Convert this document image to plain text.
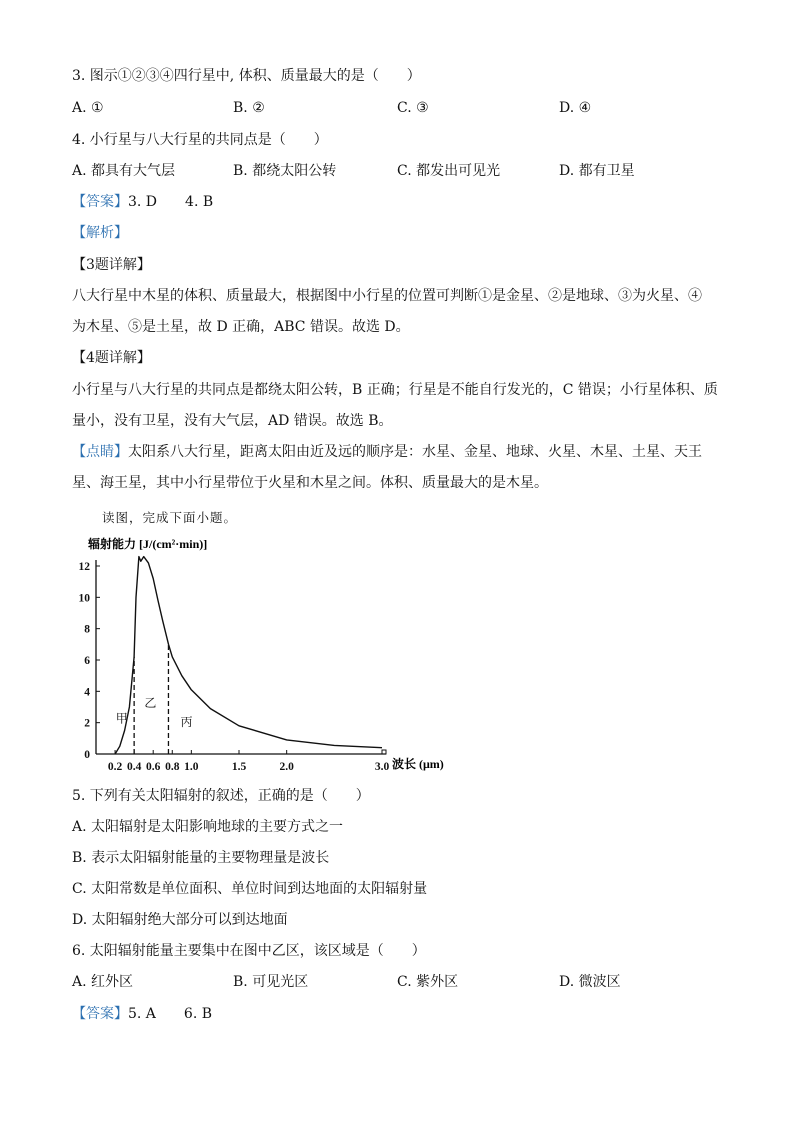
3. 图示①②③④四行星中, 体积、质量最大的是（　　）
A. ①	B. ②	C. ③	D. ④
4. 小行星与八大行星的共同点是（　　）
A. 都具有大气层	B. 都绕太阳公转	C. 都发出可见光	D. 都有卫星
【答案】3. D　　4. B
【解析】
【3题详解】
八大行星中木星的体积、质量最大，根据图中小行星的位置可判断①是金星、②是地球、③为火星、④
为木星、⑤是土星，故 D 正确，ABC 错误。故选 D。
【4题详解】
小行星与八大行星的共同点是都绕太阳公转，B 正确；行星是不能自行发光的，C 错误；小行星体积、质
量小，没有卫星，没有大气层，AD 错误。故选 B。
【点睛】太阳系八大行星，距离太阳由近及远的顺序是：水星、金星、地球、火星、木星、土星、天王
星、海王星，其中小行星带位于火星和木星之间。体积、质量最大的是木星。
读图，完成下面小题。
辐射能力 [J/(cm²·min)]
波长 (μm)
0
2
4
6
8
10
12
0.2 0.4 0.6 0.8 1.0	1.5	2.0	3.0
甲
乙
丙
5. 下列有关太阳辐射的叙述，正确的是（　　）
A. 太阳辐射是太阳影响地球的主要方式之一
B. 表示太阳辐射能量的主要物理量是波长
C. 太阳常数是单位面积、单位时间到达地面的太阳辐射量
D. 太阳辐射绝大部分可以到达地面
6. 太阳辐射能量主要集中在图中乙区，该区域是（　　）
A. 红外区	B. 可见光区	C. 紫外区	D. 微波区
【答案】5. A　　6. B
